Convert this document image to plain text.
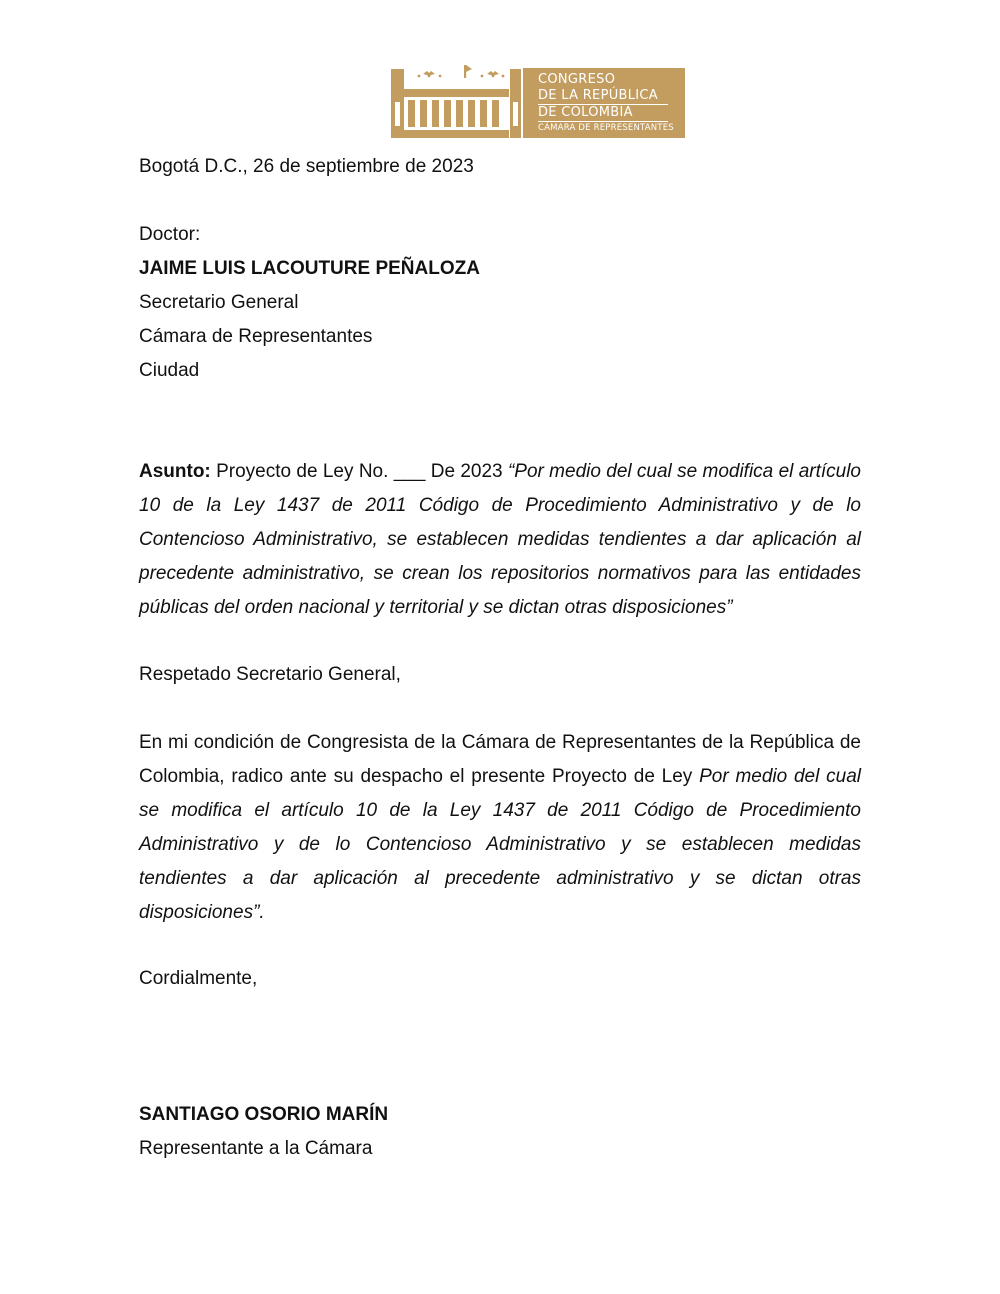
CONGRESO
DE LA REPÚBLICA
DE COLOMBIA
CÁMARA DE REPRESENTANTES
Bogotá D.C., 26 de septiembre de 2023
Doctor:
JAIME LUIS LACOUTURE PEÑALOZA
Secretario General
Cámara de Representantes
Ciudad
Asunto: Proyecto de Ley No. ___ De 2023 “Por medio del cual se modifica el artículo 10 de la Ley 1437 de 2011 Código de Procedimiento Administrativo y de lo Contencioso Administrativo, se establecen medidas tendientes a dar aplicación al precedente administrativo, se crean los repositorios normativos para las entidades públicas del orden nacional y territorial y se dictan otras disposiciones”
Respetado Secretario General,
En mi condición de Congresista de la Cámara de Representantes de la República de Colombia, radico ante su despacho el presente Proyecto de Ley Por medio del cual se modifica el artículo 10 de la Ley 1437 de 2011 Código de Procedimiento Administrativo y de lo Contencioso Administrativo y se establecen medidas tendientes a dar aplicación al precedente administrativo y se dictan otras disposiciones”.
Cordialmente,
SANTIAGO OSORIO MARÍN
Representante a la Cámara
